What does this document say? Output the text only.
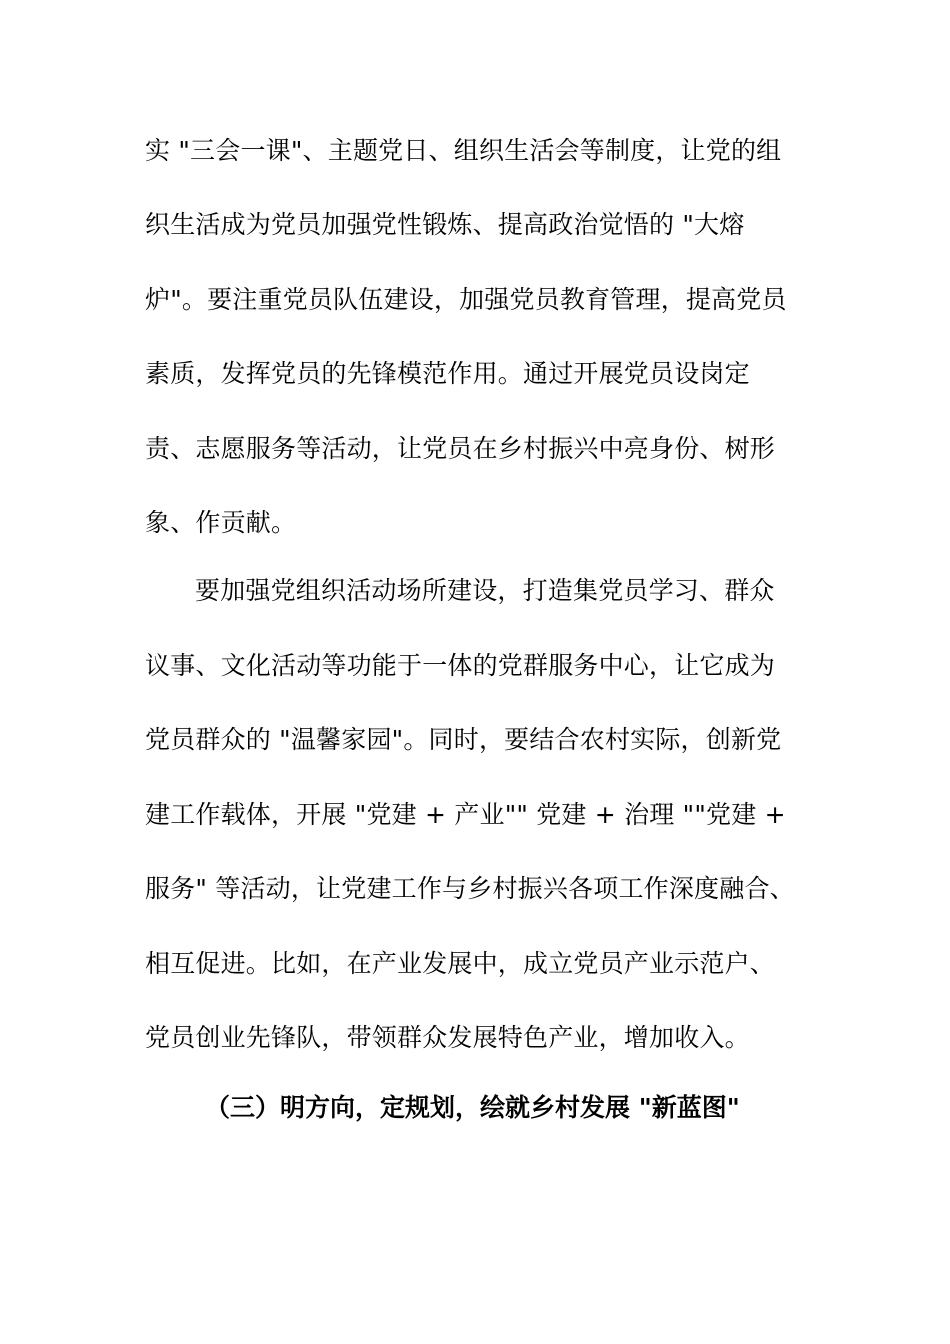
实 "三会一课"、主题党日、组织生活会等制度，让党的组
织生活成为党员加强党性锻炼、提高政治觉悟的 "大熔
炉"。要注重党员队伍建设，加强党员教育管理，提高党员
素质，发挥党员的先锋模范作用。通过开展党员设岗定
责、志愿服务等活动，让党员在乡村振兴中亮身份、树形
象、作贡献。
要加强党组织活动场所建设，打造集党员学习、群众
议事、文化活动等功能于一体的党群服务中心，让它成为
党员群众的 "温馨家园"。同时，要结合农村实际，创新党
建工作载体，开展 "党建 + 产业"" 党建 + 治理 ""党建 +
服务" 等活动，让党建工作与乡村振兴各项工作深度融合、
相互促进。比如，在产业发展中，成立党员产业示范户、
党员创业先锋队，带领群众发展特色产业，增加收入。
（三）明方向，定规划，绘就乡村发展 "新蓝图"
